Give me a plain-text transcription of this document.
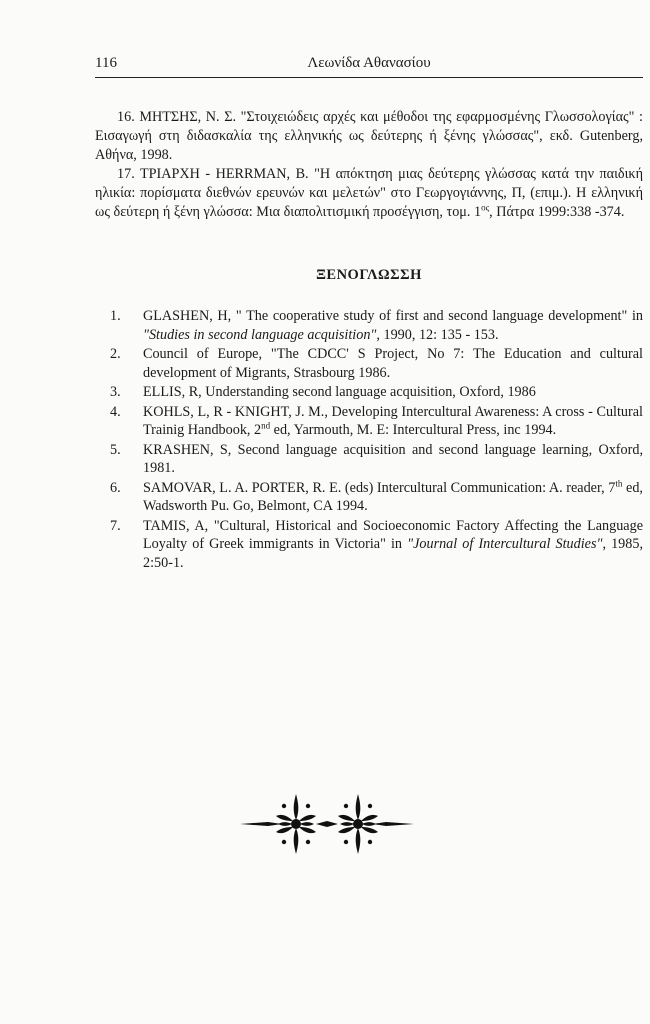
116	Λεωνίδα Αθανασίου

16. ΜΗΤΣΗΣ, Ν. Σ. "Στοιχειώδεις αρχές και μέθοδοι της εφαρμοσμένης Γλωσσολογίας" : Εισαγωγή στη διδασκαλία της ελληνικής ως δεύτερης ή ξένης γλώσσας", εκδ. Gutenberg, Αθήνα, 1998.

17. ΤΡΙΑΡΧΗ - HERRMAN, Β. "Η απόκτηση μιας δεύτερης γλώσσας κατά την παιδική ηλικία: πορίσματα διεθνών ερευνών και μελετών" στο Γεωργογιάννης, Π, (επιμ.). Η ελληνική ως δεύτερη ή ξένη γλώσσα: Μια διαπολιτισμική προσέγγιση, τομ. $1^{o\varsigma}$, Πάτρα 1999:338 -374.

ΞΕΝΟΓΛΩΣΣΗ
1. GLASHEN, H, " The cooperative study of first and second language development" in "Studies in second language acquisition", 1990, 12: 135 - 153.
2. Council of Europe, "The CDCC' S Project, No 7: The Education and cultural development of Migrants, Strasbourg 1986.
3. ELLIS, R, Understanding second language acquisition, Oxford, 1986
4. KOHLS, L, R - KNIGHT, J. M., Developing Intercultural Awareness: A cross - Cultural Trainig Handbook, 2nd ed, Yarmouth, M. E: Intercultural Press, inc 1994.
5. KRASHEN, S, Second language acquisition and second language learning, Oxford, 1981.
6. SAMOVAR, L. A. PORTER, R. E. (eds) Intercultural Communication: A. reader, 7th ed, Wadsworth Pu. Go, Belmont, CA 1994.
7. TAMIS, A, "Cultural, Historical and Socioeconomic Factory Affecting the Language Loyalty of Greek immigrants in Victoria" in "Journal of Intercultural Studies", 1985, 2:50-1.
